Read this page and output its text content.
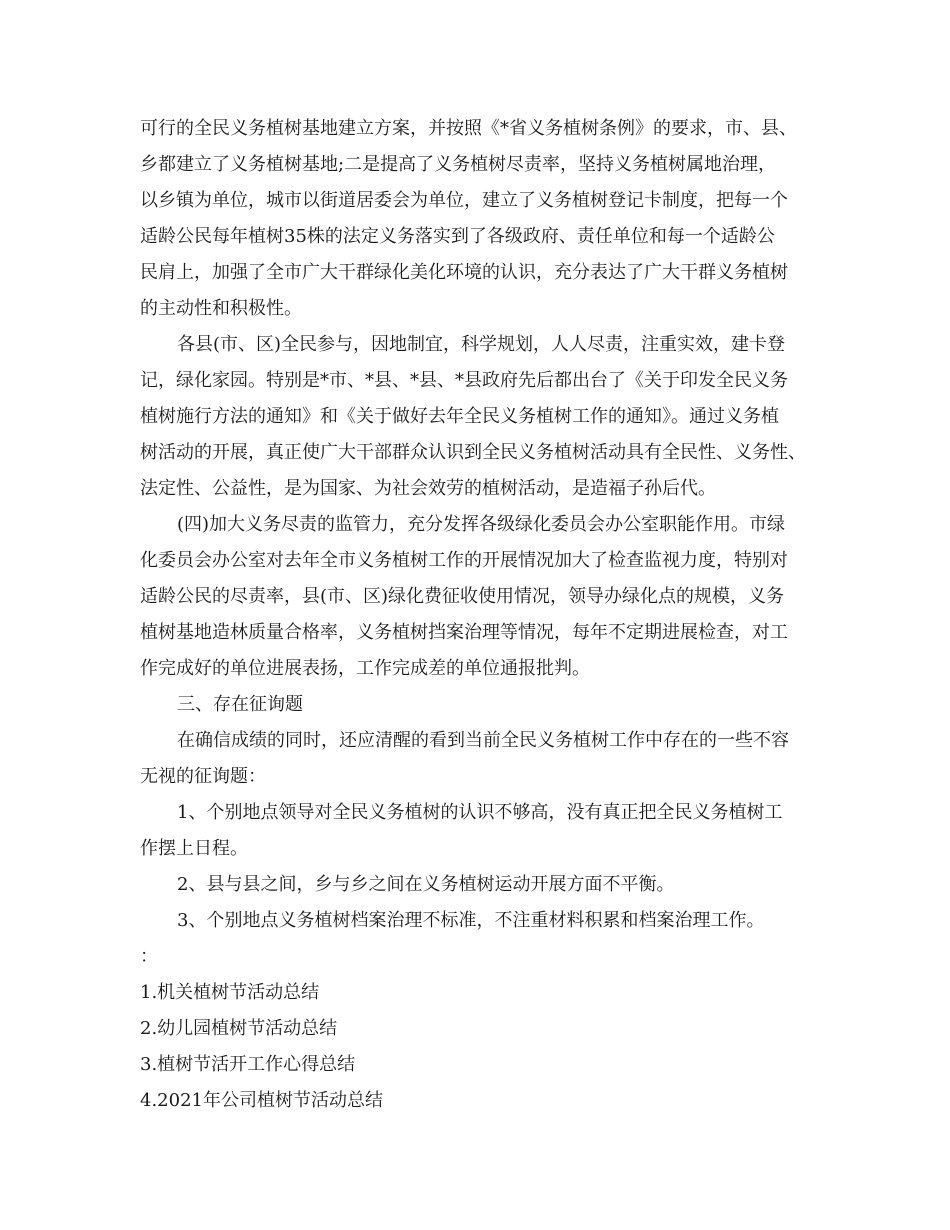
可行的全民义务植树基地建立方案，并按照《*省义务植树条例》的要求，市、县、
乡都建立了义务植树基地;二是提高了义务植树尽责率，坚持义务植树属地治理，
以乡镇为单位，城市以街道居委会为单位，建立了义务植树登记卡制度，把每一个
适龄公民每年植树35株的法定义务落实到了各级政府、责任单位和每一个适龄公
民肩上，加强了全市广大干群绿化美化环境的认识，充分表达了广大干群义务植树
的主动性和积极性。
各县(市、区)全民参与，因地制宜，科学规划，人人尽责，注重实效，建卡登
记，绿化家园。特别是*市、*县、*县、*县政府先后都出台了《关于印发全民义务
植树施行方法的通知》和《关于做好去年全民义务植树工作的通知》。通过义务植
树活动的开展，真正使广大干部群众认识到全民义务植树活动具有全民性、义务性、
法定性、公益性，是为国家、为社会效劳的植树活动，是造福子孙后代。
(四)加大义务尽责的监管力，充分发挥各级绿化委员会办公室职能作用。市绿
化委员会办公室对去年全市义务植树工作的开展情况加大了检查监视力度，特别对
适龄公民的尽责率，县(市、区)绿化费征收使用情况，领导办绿化点的规模，义务
植树基地造林质量合格率，义务植树挡案治理等情况，每年不定期进展检查，对工
作完成好的单位进展表扬，工作完成差的单位通报批判。
三、存在征询题
在确信成绩的同时，还应清醒的看到当前全民义务植树工作中存在的一些不容
无视的征询题：
1、个别地点领导对全民义务植树的认识不够高，没有真正把全民义务植树工
作摆上日程。
2、县与县之间，乡与乡之间在义务植树运动开展方面不平衡。
3、个别地点义务植树档案治理不标准，不注重材料积累和档案治理工作。
：
1.机关植树节活动总结
2.幼儿园植树节活动总结
3.植树节活开工作心得总结
4.2021年公司植树节活动总结
